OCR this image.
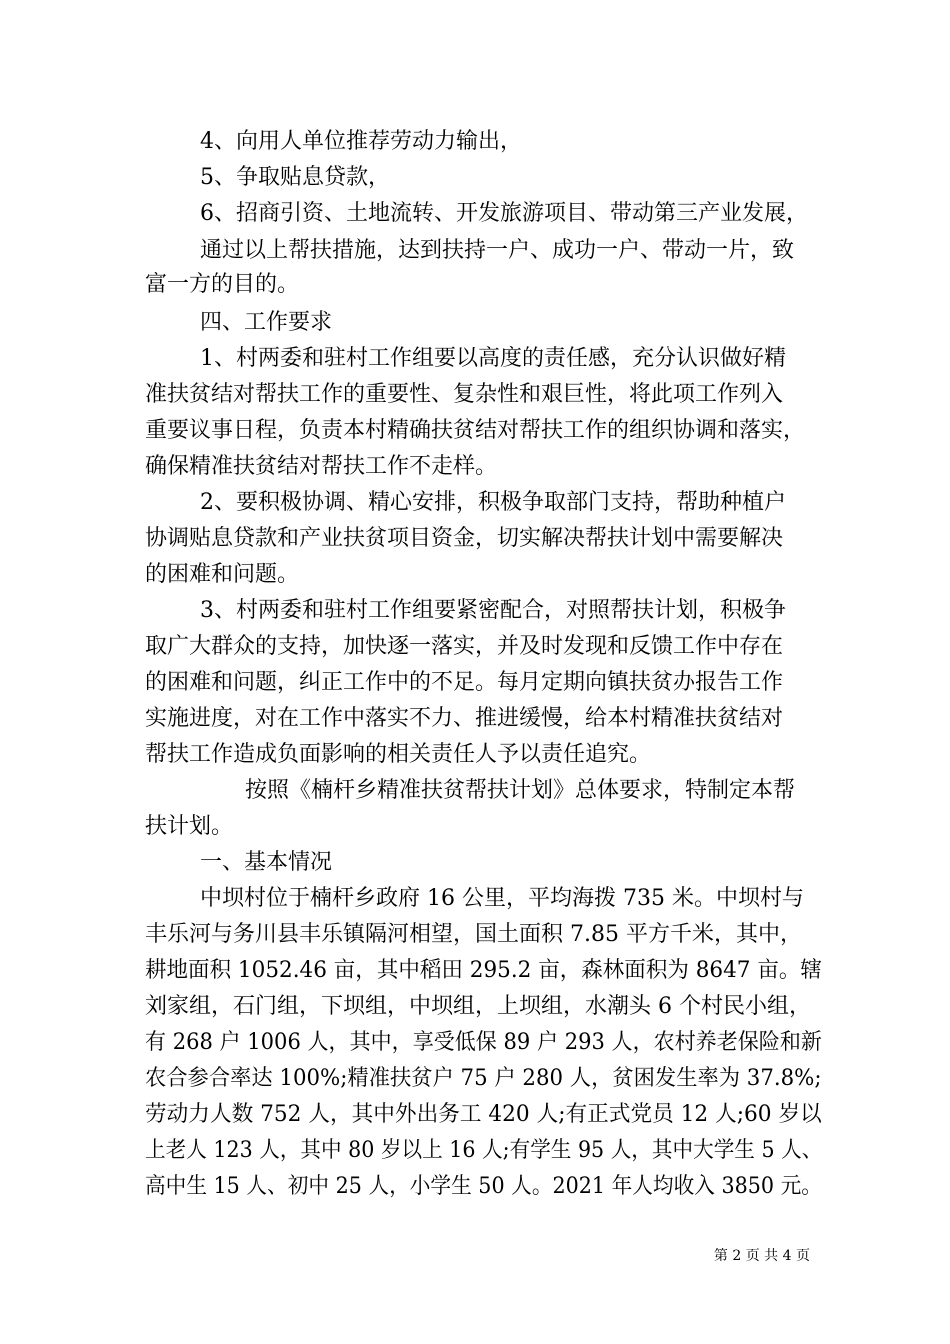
4、向用人单位推荐劳动力输出，
5、争取贴息贷款，
6、招商引资、土地流转、开发旅游项目、带动第三产业发展，
通过以上帮扶措施，达到扶持一户、成功一户、带动一片，致
富一方的目的。
四、工作要求
1、村两委和驻村工作组要以高度的责任感，充分认识做好精
准扶贫结对帮扶工作的重要性、复杂性和艰巨性，将此项工作列入
重要议事日程，负责本村精确扶贫结对帮扶工作的组织协调和落实，
确保精准扶贫结对帮扶工作不走样。
2、要积极协调、精心安排，积极争取部门支持，帮助种植户
协调贴息贷款和产业扶贫项目资金，切实解决帮扶计划中需要解决
的困难和问题。
3、村两委和驻村工作组要紧密配合，对照帮扶计划，积极争
取广大群众的支持，加快逐一落实，并及时发现和反馈工作中存在
的困难和问题，纠正工作中的不足。每月定期向镇扶贫办报告工作
实施进度，对在工作中落实不力、推进缓慢，给本村精准扶贫结对
帮扶工作造成负面影响的相关责任人予以责任追究。
按照《楠杆乡精准扶贫帮扶计划》总体要求，特制定本帮
扶计划。
一、基本情况
中坝村位于楠杆乡政府 16 公里，平均海拨 735 米。中坝村与
丰乐河与务川县丰乐镇隔河相望，国土面积 7.85 平方千米，其中，
耕地面积 1052.46 亩，其中稻田 295.2 亩，森林面积为 8647 亩。辖
刘家组，石门组，下坝组，中坝组，上坝组，水潮头 6 个村民小组，
有 268 户 1006 人，其中，享受低保 89 户 293 人，农村养老保险和新
农合参合率达 100%;精准扶贫户 75 户 280 人，贫困发生率为 37.8%;
劳动力人数 752 人，其中外出务工 420 人;有正式党员 12 人;60 岁以
上老人 123 人，其中 80 岁以上 16 人;有学生 95 人，其中大学生 5 人、
高中生 15 人、初中 25 人，小学生 50 人。2021 年人均收入 3850 元。
第 2 页 共 4 页
